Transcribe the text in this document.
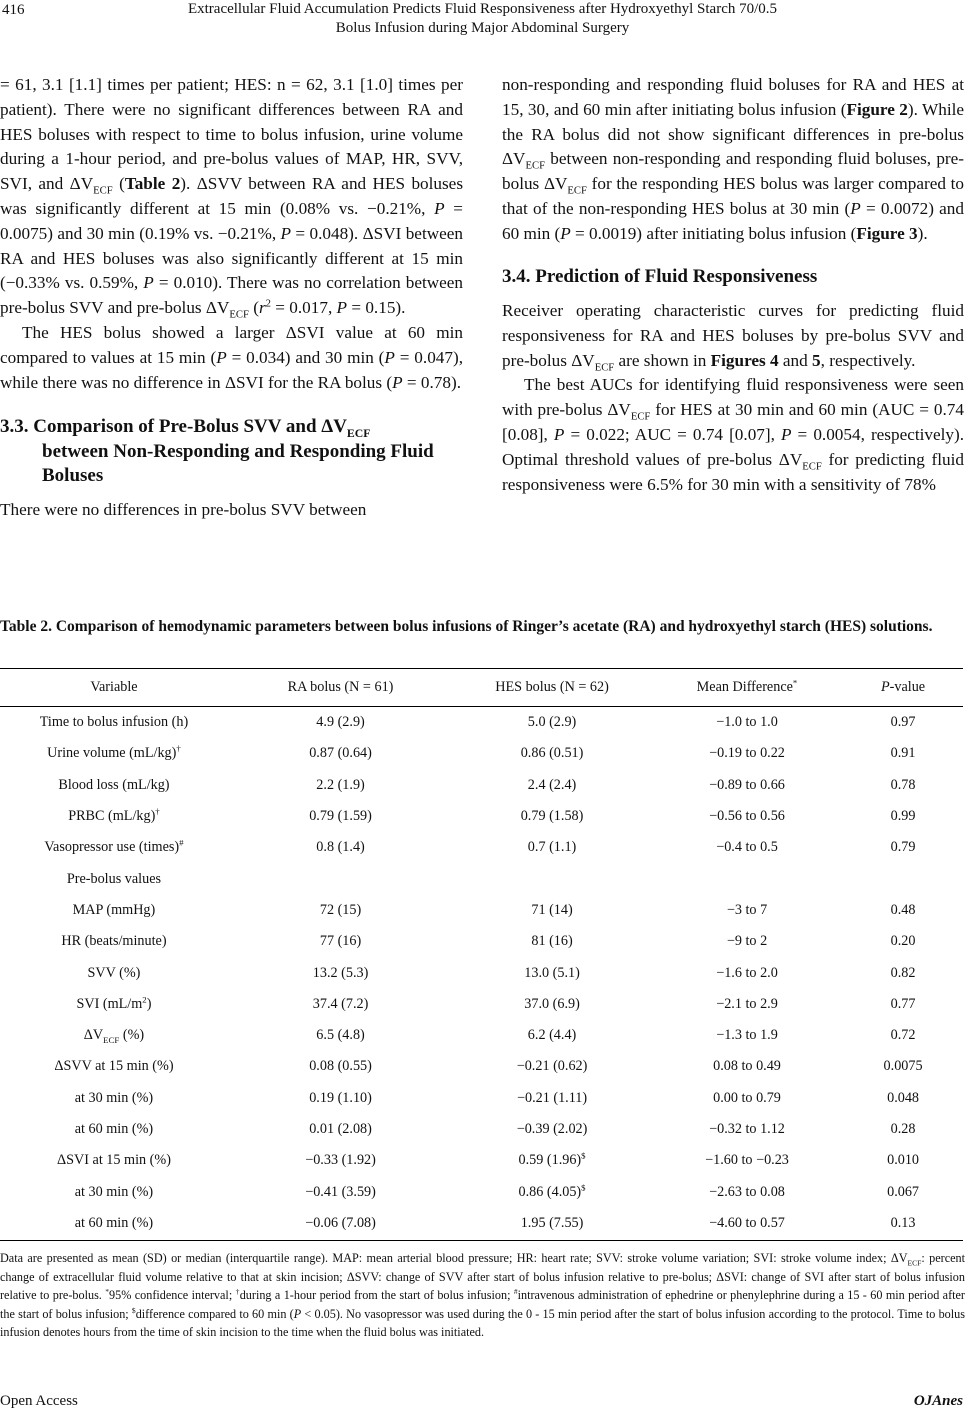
416	Extracellular Fluid Accumulation Predicts Fluid Responsiveness after Hydroxyethyl Starch 70/0.5
Bolus Infusion during Major Abdominal Surgery

= 61, 3.1 [1.1] times per patient; HES: n = 62, 3.1 [1.0] times per patient). There were no significant differences between RA and HES boluses with respect to time to bolus infusion, urine volume during a 1-hour period, and pre-bolus values of MAP, HR, SVV, SVI, and $\Delta V_{ECF}$ (Table 2). ΔSVV between RA and HES boluses was significantly different at 15 min (0.08% vs. −0.21%, P = 0.0075) and 30 min (0.19% vs. −0.21%, P = 0.048). ΔSVI between RA and HES boluses was also significantly different at 15 min (−0.33% vs. 0.59%, P = 0.010). There was no correlation between pre-bolus SVV and pre-bolus $\Delta V_{ECF}$ ($r^2 = 0.017$, P = 0.15).

The HES bolus showed a larger ΔSVI value at 60 min compared to values at 15 min (P = 0.034) and 30 min (P = 0.047), while there was no difference in ΔSVI for the RA bolus (P = 0.78).

3.3. Comparison of Pre-Bolus SVV and $\Delta V_{ECF}$

between Non-Responding and Responding Fluid Boluses

There were no differences in pre-bolus SVV between

non-responding and responding fluid boluses for RA and HES at 15, 30, and 60 min after initiating bolus infusion (Figure 2). While the RA bolus did not show significant differences in pre-bolus $\Delta V_{ECF}$ between non-responding and responding fluid boluses, pre-bolus $\Delta V_{ECF}$ for the responding HES bolus was larger compared to that of the non-responding HES bolus at 30 min (P = 0.0072) and 60 min (P = 0.0019) after initiating bolus infusion (Figure 3).

3.4. Prediction of Fluid Responsiveness

Receiver operating characteristic curves for predicting fluid responsiveness for RA and HES boluses by pre-bolus SVV and pre-bolus $\Delta V_{ECF}$ are shown in Figures 4 and 5, respectively.

The best AUCs for identifying fluid responsiveness were seen with pre-bolus $\Delta V_{ECF}$ for HES at 30 min and 60 min (AUC = 0.74 [0.08], P = 0.022; AUC = 0.74 [0.07], P = 0.0054, respectively). Optimal threshold values of pre-bolus $\Delta V_{ECF}$ for predicting fluid responsiveness were 6.5% for 30 min with a sensitivity of 78%

Table 2. Comparison of hemodynamic parameters between bolus infusions of Ringer’s acetate (RA) and hydroxyethyl starch (HES) solutions.
Variable	RA bolus (N = 61)	HES bolus (N = 62)	Mean Difference*	P-value
Time to bolus infusion (h)	4.9 (2.9)	5.0 (2.9)	−1.0 to 1.0	0.97
Urine volume (mL/kg)†	0.87 (0.64)	0.86 (0.51)	−0.19 to 0.22	0.91
Blood loss (mL/kg)	2.2 (1.9)	2.4 (2.4)	−0.89 to 0.66	0.78
PRBC (mL/kg)†	0.79 (1.59)	0.79 (1.58)	−0.56 to 0.56	0.99
Vasopressor use (times)#	0.8 (1.4)	0.7 (1.1)	−0.4 to 0.5	0.79
Pre-bolus values				
MAP (mmHg)	72 (15)	71 (14)	−3 to 7	0.48
HR (beats/minute)	77 (16)	81 (16)	−9 to 2	0.20
SVV (%)	13.2 (5.3)	13.0 (5.1)	−1.6 to 2.0	0.82
SVI $(mL/m^2)$	37.4 (7.2)	37.0 (6.9)	−2.1 to 2.9	0.77
$\Delta V_{ECF}$ (%)	6.5 (4.8)	6.2 (4.4)	−1.3 to 1.9	0.72
ΔSVV at 15 min (%)	0.08 (0.55)	−0.21 (0.62)	0.08 to 0.49	0.0075
at 30 min (%)	0.19 (1.10)	−0.21 (1.11)	0.00 to 0.79	0.048
at 60 min (%)	0.01 (2.08)	−0.39 (2.02)	−0.32 to 1.12	0.28
ΔSVI at 15 min (%)	−0.33 (1.92)	0.59 (1.96)$	−1.60 to −0.23	0.010
at 30 min (%)	−0.41 (3.59)	0.86 (4.05)$	−2.63 to 0.08	0.067
at 60 min (%)	−0.06 (7.08)	1.95 (7.55)	−4.60 to 0.57	0.13
Data are presented as mean (SD) or median (interquartile range). MAP: mean arterial blood pressure; HR: heart rate; SVV: stroke volume variation; SVI: stroke volume index; $\Delta V_{ECF}$: percent change of extracellular fluid volume relative to that at skin incision; ΔSVV: change of SVV after start of bolus infusion relative to pre-bolus; ΔSVI: change of SVI after start of bolus infusion relative to pre-bolus. *95% confidence interval; †during a 1-hour period from the start of bolus infusion; #intravenous administration of ephedrine or phenylephrine during a 15 - 60 min period after the start of bolus infusion; $difference compared to 60 min (P < 0.05). No vasopressor was used during the 0 - 15 min period after the start of bolus infusion according to the protocol. Time to bolus infusion denotes hours from the time of skin incision to the time when the fluid bolus was initiated.
Open Access	OJAnes
